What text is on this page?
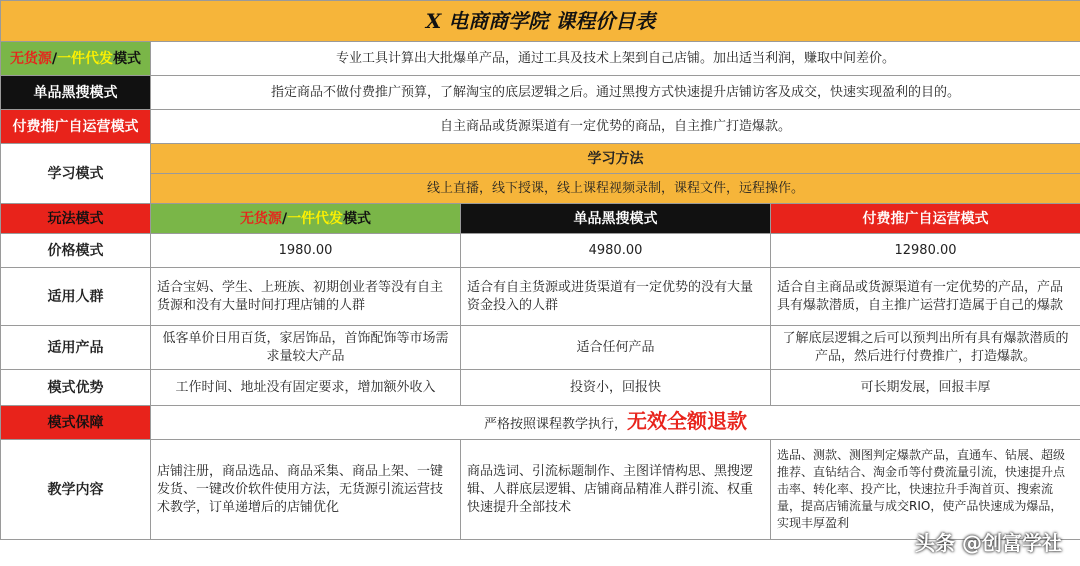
X 电商商学院 课程价目表			
无货源/一件代发模式	专业工具计算出大批爆单产品，通过工具及技术上架到自己店铺。加出适当利润，赚取中间差价。		
单品黑搜模式	指定商品不做付费推广预算，了解淘宝的底层逻辑之后。通过黑搜方式快速提升店铺访客及成交，快速实现盈利的目的。		
付费推广自运营模式	自主商品或货源渠道有一定优势的商品，自主推广打造爆款。		
学习模式	学习方法		
	线上直播，线下授课，线上课程视频录制，课程文件，远程操作。		
玩法模式	无货源/一件代发模式	单品黑搜模式	付费推广自运营模式
价格模式	1980.00	4980.00	12980.00
适用人群	适合宝妈、学生、上班族、初期创业者等没有自主货源和没有大量时间打理店铺的人群	适合有自主货源或进货渠道有一定优势的没有大量资金投入的人群	适合自主商品或货源渠道有一定优势的产品，产品具有爆款潜质，自主推广运营打造属于自己的爆款
适用产品	低客单价日用百货，家居饰品，首饰配饰等市场需求量较大产品	适合任何产品	了解底层逻辑之后可以预判出所有具有爆款潜质的产品，然后进行付费推广，打造爆款。
模式优势	工作时间、地址没有固定要求，增加额外收入	投资小，回报快	可长期发展，回报丰厚
模式保障	严格按照课程教学执行，无效全额退款		
教学内容	店铺注册，商品选品、商品采集、商品上架、一键发货、一键改价软件使用方法，无货源引流运营技术教学，订单递增后的店铺优化	商品选词、引流标题制作、主图详情构思、黑搜逻辑、人群底层逻辑、店铺商品精准人群引流、权重快速提升全部技术	选品、测款、测图判定爆款产品，直通车、钻展、超级推荐、直钻结合、淘金币等付费流量引流，快速提升点击率、转化率、投产比，快速拉升手淘首页、搜索流量，提高店铺流量与成交RIO，使产品快速成为爆品，实现丰厚盈利
头条 @创富学社
